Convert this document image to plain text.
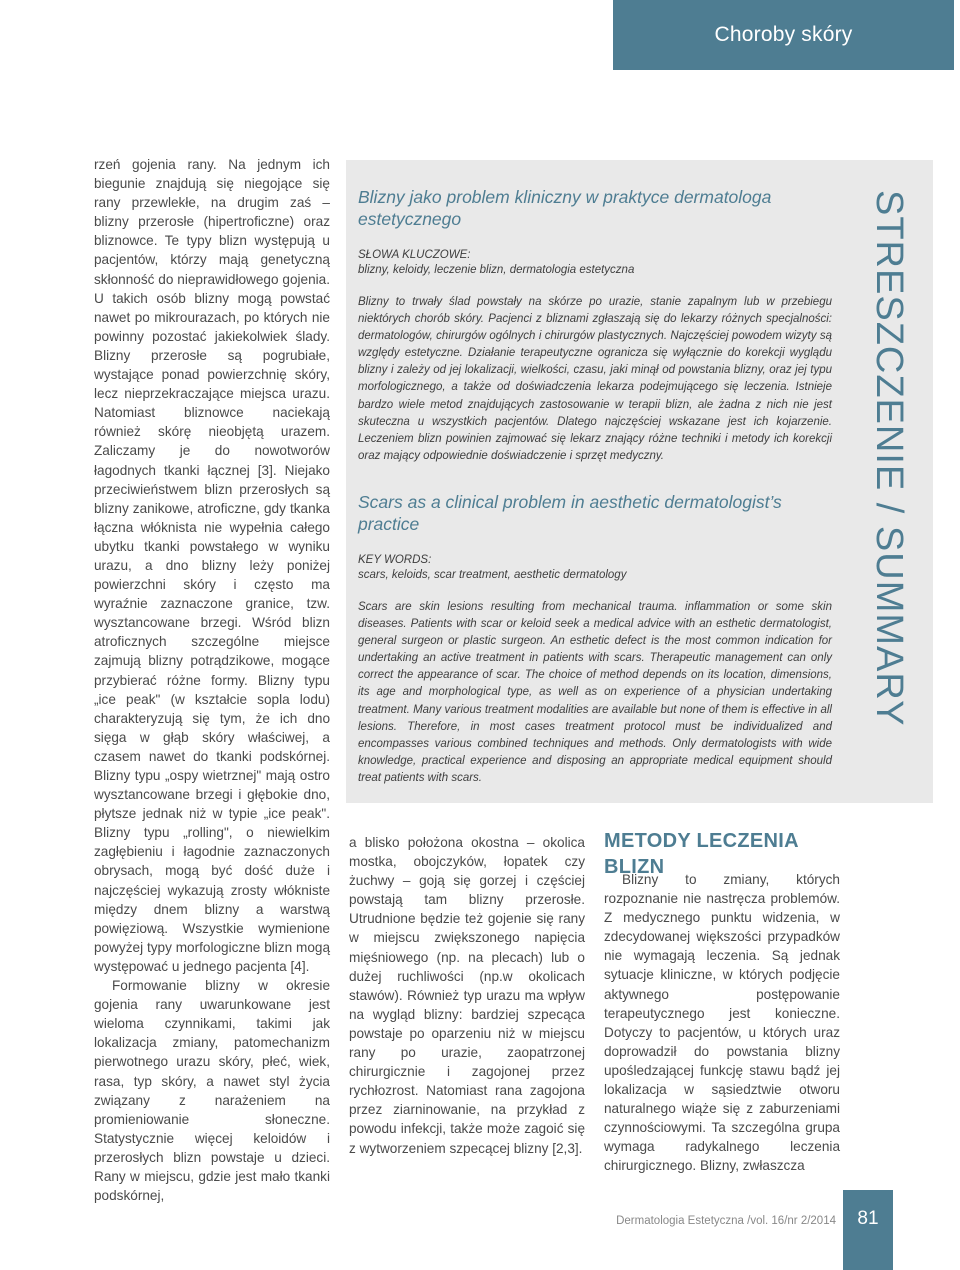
Choroby skóry

rzeń gojenia rany. Na jednym ich biegunie znajdują się niegojące się rany przewlekłe, na drugim zaś – blizny przerosłe (hipertroficzne) oraz bliznowce. Te typy blizn występują u pacjentów, którzy mają genetyczną skłonność do nieprawidłowego gojenia. U takich osób blizny mogą powstać nawet po mikrourazach, po których nie powinny pozostać jakiekolwiek ślady. Blizny przerosłe są pogrubiałe, wystające ponad powierzchnię skóry, lecz nieprzekraczające miejsca urazu. Natomiast bliznowce naciekają również skórę nieobjętą urazem. Zaliczamy je do nowotworów łagodnych tkanki łącznej [3]. Niejako przeciwieństwem blizn przerosłych są blizny zanikowe, atroficzne, gdy tkanka łączna włóknista nie wypełnia całego ubytku tkanki powstałego w wyniku urazu, a dno blizny leży poniżej powierzchni skóry i często ma wyraźnie zaznaczone granice, tzw. wysztancowane brzegi. Wśród blizn atroficznych szczególne miejsce zajmują blizny potrądzikowe, mogące przybierać różne formy. Blizny typu „ice peak" (w kształcie sopla lodu) charakteryzują się tym, że ich dno sięga w głąb skóry właściwej, a czasem nawet do tkanki podskórnej. Blizny typu „ospy wietrznej" mają ostro wysztancowane brzegi i głębokie dno, płytsze jednak niż w typie „ice peak". Blizny typu „rolling", o niewielkim zagłębieniu i łagodnie zaznaczonych obrysach, mogą być dość duże i najczęściej wykazują zrosty włókniste między dnem blizny a warstwą powięziową. Wszystkie wymienione powyżej typy morfologiczne blizn mogą występować u jednego pacjenta [4].

Formowanie blizny w okresie gojenia rany uwarunkowane jest wieloma czynnikami, takimi jak lokalizacja zmiany, patomechanizm pierwotnego urazu skóry, płeć, wiek, rasa, typ skóry, a nawet styl życia związany z narażeniem na promieniowanie słoneczne. Statystycznie więcej keloidów i przerosłych blizn powstaje u dzieci. Rany w miejscu, gdzie jest mało tkanki podskórnej,

Blizny jako problem kliniczny w praktyce dermatologa estetycznego

SŁOWA KLUCZOWE:

blizny, keloidy, leczenie blizn, dermatologia estetyczna

Blizny to trwały ślad powstały na skórze po urazie, stanie zapalnym lub w przebiegu niektórych chorób skóry. Pacjenci z bliznami zgłaszają się do lekarzy różnych specjalności: dermatologów, chirurgów ogólnych i chirurgów plastycznych. Najczęściej powodem wizyty są względy estetyczne. Działanie terapeutyczne ogranicza się wyłącznie do korekcji wyglądu blizny i zależy od jej lokalizacji, wielkości, czasu, jaki minął od powstania blizny, oraz jej typu morfologicznego, a także od doświadczenia lekarza podejmującego się leczenia. Istnieje bardzo wiele metod znajdujących zastosowanie w terapii blizn, ale żadna z nich nie jest skuteczna u wszystkich pacjentów. Dlatego najczęściej wskazane jest ich kojarzenie. Leczeniem blizn powinien zajmować się lekarz znający różne techniki i metody ich korekcji oraz mający odpowiednie doświadczenie i sprzęt medyczny.

Scars as a clinical problem in aesthetic dermatologist’s practice

KEY WORDS:

scars, keloids, scar treatment, aesthetic dermatology

Scars are skin lesions resulting from mechanical trauma. inflammation or some skin diseases. Patients with scar or keloid seek a medical advice with an esthetic dermatologist, general surgeon or plastic surgeon. An esthetic defect is the most common indication for undertaking an active treatment in patients with scars. Therapeutic management can only correct the appearance of scar. The choice of method depends on its location, dimensions, its age and morphological type, as well as on experience of a physician undertaking treatment. Many various treatment modalities are available but none of them is effective in all lesions. Therefore, in most cases treatment protocol must be individualized and encompasses various combined techniques and methods. Only dermatologists with wide knowledge, practical experience and disposing an appropriate medical equipment should treat patients with scars.

STRESZCZENIE / SUMMARY

a blisko położona okostna – okolica mostka, obojczyków, łopatek czy żuchwy – goją się gorzej i częściej powstają tam blizny przerosłe. Utrudnione będzie też gojenie się rany w miejscu zwiększonego napięcia mięśniowego (np. na plecach) lub o dużej ruchliwości (np.w okolicach stawów). Również typ urazu ma wpływ na wygląd blizny: bardziej szpecąca powstaje po oparzeniu niż w miejscu rany po urazie, zaopatrzonej chirurgicznie i zagojonej przez rychłozrost. Natomiast rana zagojona przez ziarninowanie, na przykład z powodu infekcji, także może zagoić się z wytworzeniem szpecącej blizny [2,3].

METODY LECZENIA BLIZN

Blizny to zmiany, których rozpoznanie nie nastręcza problemów. Z medycznego punktu widzenia, w zdecydowanej większości przypadków nie wymagają leczenia. Są jednak sytuacje kliniczne, w których podjęcie aktywnego postępowanie terapeutycznego jest konieczne. Dotyczy to pacjentów, u których uraz doprowadził do powstania blizny upośledzającej funkcję stawu bądź jej lokalizacja w sąsiedztwie otworu naturalnego wiąże się z zaburzeniami czynnościowymi. Ta szczególna grupa wymaga radykalnego leczenia chirurgicznego. Blizny, zwłaszcza

Dermatologia Estetyczna /vol. 16/nr 2/2014	81
